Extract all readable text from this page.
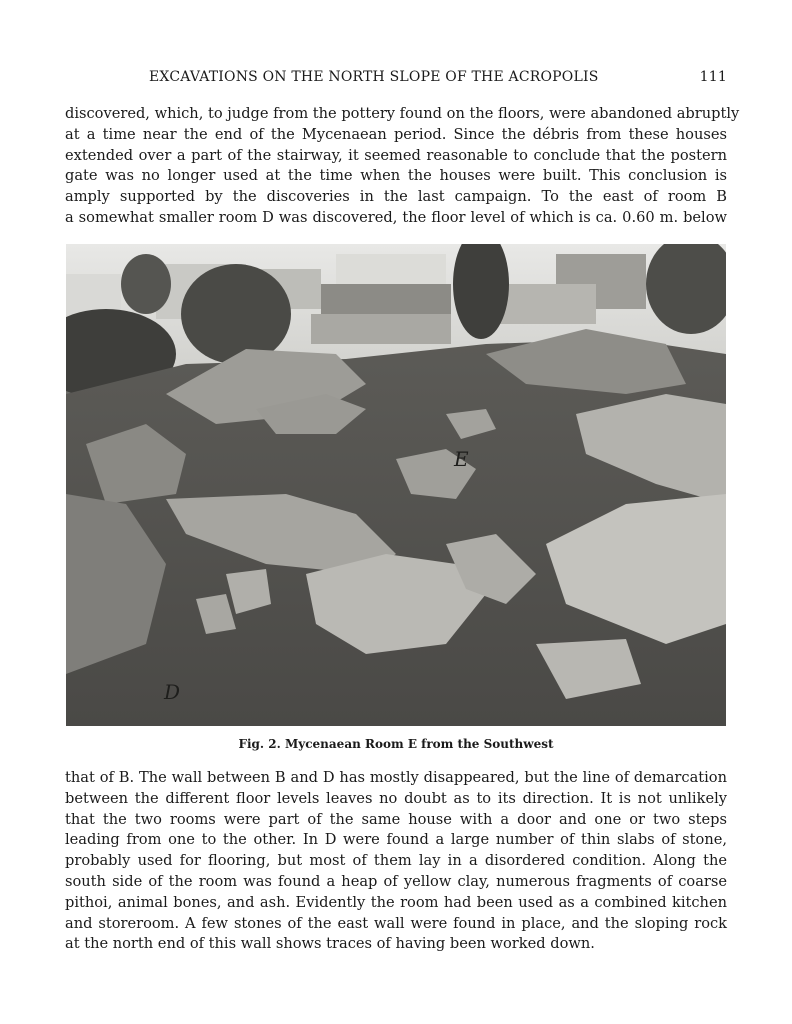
EXCAVATIONS ON THE NORTH SLOPE OF THE ACROPOLIS	111
discovered, which, to judge from the pottery found on the floors, were abandoned abruptly
at a time near the end of the Mycenaean period. Since the débris from these houses
extended over a part of the stairway, it seemed reasonable to conclude that the postern
gate was no longer used at the time when the houses were built. This conclusion is
amply supported by the discoveries in the last campaign. To the east of room B
a somewhat smaller room D was discovered, the floor level of which is ca. 0.60 m. below
E
D
Fig. 2. Mycenaean Room E from the Southwest
that of B. The wall between B and D has mostly disappeared, but the line of demarcation
between the different floor levels leaves no doubt as to its direction. It is not unlikely
that the two rooms were part of the same house with a door and one or two steps
leading from one to the other. In D were found a large number of thin slabs of stone,
probably used for flooring, but most of them lay in a disordered condition. Along the
south side of the room was found a heap of yellow clay, numerous fragments of coarse
pithoi, animal bones, and ash. Evidently the room had been used as a combined kitchen
and storeroom. A few stones of the east wall were found in place, and the sloping rock
at the north end of this wall shows traces of having been worked down.
